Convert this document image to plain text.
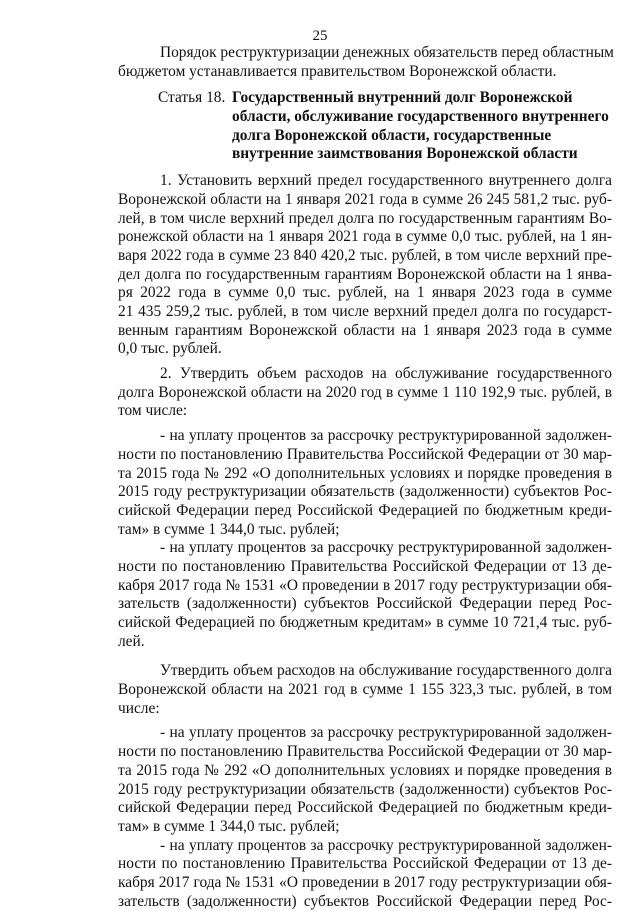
25
Порядок реструктуризации денежных обязательств перед областным
бюджетом устанавливается правительством Воронежской области.
Статья 18. Государственный внутренний долг Воронежской
области, обслуживание государственного внутреннего
долга Воронежской области, государственные
внутренние заимствования Воронежской области
1. Установить верхний предел государственного внутреннего долга
Воронежской области на 1 января 2021 года в сумме 26 245 581,2 тыс. руб-
лей, в том числе верхний предел долга по государственным гарантиям Во-
ронежской области на 1 января 2021 года в сумме 0,0 тыс. рублей, на 1 ян-
варя 2022 года в сумме 23 840 420,2 тыс. рублей, в том числе верхний пре-
дел долга по государственным гарантиям Воронежской области на 1 янва-
ря 2022 года в сумме 0,0 тыс. рублей, на 1 января 2023 года в сумме
21 435 259,2 тыс. рублей, в том числе верхний предел долга по государст-
венным гарантиям Воронежской области на 1 января 2023 года в сумме
0,0 тыс. рублей.
2. Утвердить объем расходов на обслуживание государственного
долга Воронежской области на 2020 год в сумме 1 110 192,9 тыс. рублей, в
том числе:
- на уплату процентов за рассрочку реструктурированной задолжен-
ности по постановлению Правительства Российской Федерации от 30 мар-
та 2015 года № 292 «О дополнительных условиях и порядке проведения в
2015 году реструктуризации обязательств (задолженности) субъектов Рос-
сийской Федерации перед Российской Федерацией по бюджетным креди-
там» в сумме 1 344,0 тыс. рублей;
- на уплату процентов за рассрочку реструктурированной задолжен-
ности по постановлению Правительства Российской Федерации от 13 де-
кабря 2017 года № 1531 «О проведении в 2017 году реструктуризации обя-
зательств (задолженности) субъектов Российской Федерации перед Рос-
сийской Федерацией по бюджетным кредитам» в сумме 10 721,4 тыс. руб-
лей.
Утвердить объем расходов на обслуживание государственного долга
Воронежской области на 2021 год в сумме 1 155 323,3 тыс. рублей, в том
числе:
- на уплату процентов за рассрочку реструктурированной задолжен-
ности по постановлению Правительства Российской Федерации от 30 мар-
та 2015 года № 292 «О дополнительных условиях и порядке проведения в
2015 году реструктуризации обязательств (задолженности) субъектов Рос-
сийской Федерации перед Российской Федерацией по бюджетным креди-
там» в сумме 1 344,0 тыс. рублей;
- на уплату процентов за рассрочку реструктурированной задолжен-
ности по постановлению Правительства Российской Федерации от 13 де-
кабря 2017 года № 1531 «О проведении в 2017 году реструктуризации обя-
зательств (задолженности) субъектов Российской Федерации перед Рос-
